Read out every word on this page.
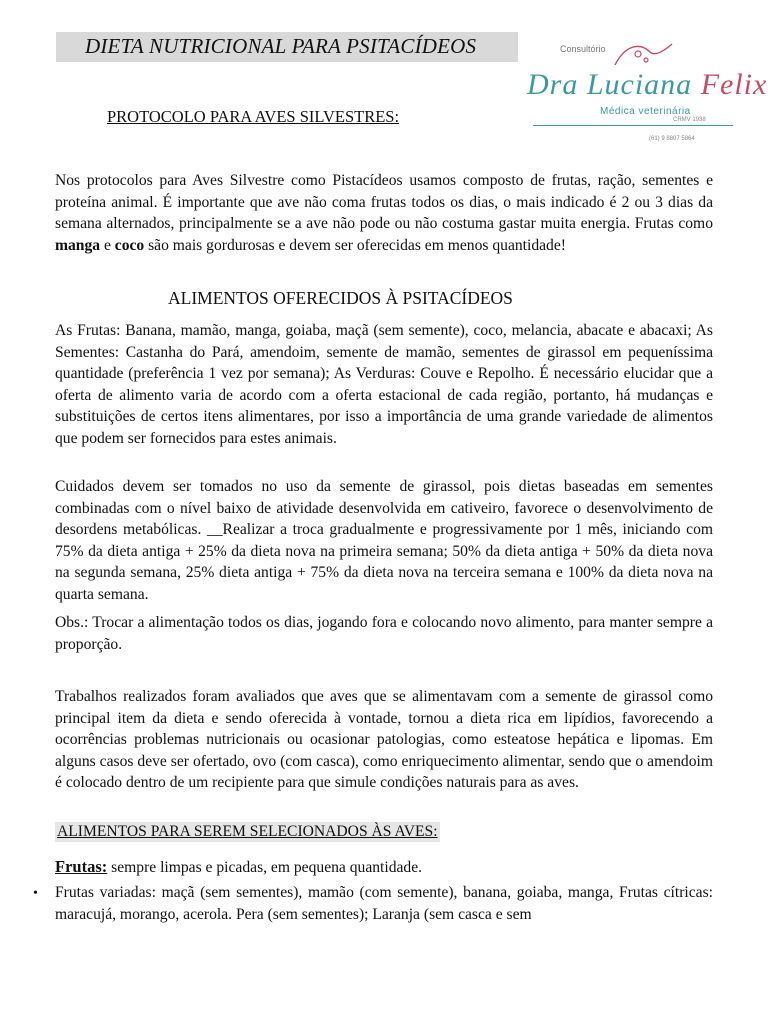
DIETA NUTRICIONAL PARA PSITACÍDEOS	Consultório
Dra Luciana Felix
Médica veterinária
CRMV 1938
(61) 9 8807 5864
PROTOCOLO PARA AVES SILVESTRES:
Nos protocolos para Aves Silvestre como Pistacídeos usamos composto de frutas, ração, sementes e proteína animal. É importante que ave não coma frutas todos os dias, o mais indicado é 2 ou 3 dias da semana alternados, principalmente se a ave não pode ou não costuma gastar muita energia. Frutas como manga e coco são mais gordurosas e devem ser oferecidas em menos quantidade!
ALIMENTOS OFERECIDOS À PSITACÍDEOS
As Frutas: Banana, mamão, manga, goiaba, maçã (sem semente), coco, melancia, abacate e abacaxi; As Sementes: Castanha do Pará, amendoim, semente de mamão, sementes de girassol em pequeníssima quantidade (preferência 1 vez por semana); As Verduras: Couve e Repolho. É necessário elucidar que a oferta de alimento varia de acordo com a oferta estacional de cada região, portanto, há mudanças e substituições de certos itens alimentares, por isso a importância de uma grande variedade de alimentos que podem ser fornecidos para estes animais.
Cuidados devem ser tomados no uso da semente de girassol, pois dietas baseadas em sementes combinadas com o nível baixo de atividade desenvolvida em cativeiro, favorece o desenvolvimento de desordens metabólicas. __Realizar a troca gradualmente e progressivamente por 1 mês, iniciando com 75% da dieta antiga + 25% da dieta nova na primeira semana; 50% da dieta antiga + 50% da dieta nova na segunda semana, 25% dieta antiga + 75% da dieta nova na terceira semana e 100% da dieta nova na quarta semana.
Obs.: Trocar a alimentação todos os dias, jogando fora e colocando novo alimento, para manter sempre a proporção.
Trabalhos realizados foram avaliados que aves que se alimentavam com a semente de girassol como principal item da dieta e sendo oferecida à vontade, tornou a dieta rica em lipídios, favorecendo a ocorrências problemas nutricionais ou ocasionar patologias, como esteatose hepática e lipomas. Em alguns casos deve ser ofertado, ovo (com casca), como enriquecimento alimentar, sendo que o amendoim é colocado dentro de um recipiente para que simule condições naturais para as aves.
ALIMENTOS PARA SEREM SELECIONADOS ÀS AVES:
Frutas: sempre limpas e picadas, em pequena quantidade.
• Frutas variadas: maçã (sem sementes), mamão (com semente), banana, goiaba, manga, Frutas cítricas: maracujá, morango, acerola. Pera (sem sementes); Laranja (sem casca e sem
